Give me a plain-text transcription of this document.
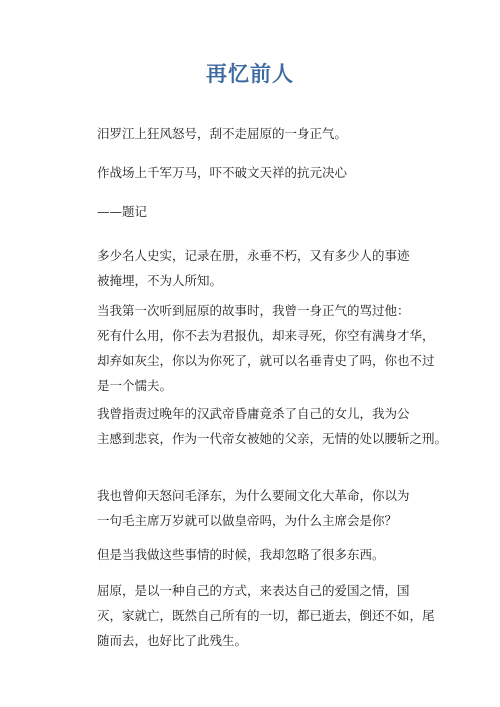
再忆前人

汨罗江上狂风怒号，刮不走屈原的一身正气。

作战场上千军万马，吓不破文天祥的抗元决心

——题记

多少名人史实，记录在册，永垂不朽，又有多少人的事迹
被掩埋，不为人所知。

当我第一次听到屈原的故事时，我曾一身正气的骂过他：
死有什么用，你不去为君报仇，却来寻死，你空有满身才华，
却弃如灰尘，你以为你死了，就可以名垂青史了吗，你也不过
是一个懦夫。

我曾指责过晚年的汉武帝昏庸竟杀了自己的女儿，我为公
主感到悲哀，作为一代帝女被她的父亲，无情的处以腰斩之刑。

我也曾仰天怒问毛泽东，为什么要闹文化大革命，你以为
一句毛主席万岁就可以做皇帝吗，为什么主席会是你？

但是当我做这些事情的时候，我却忽略了很多东西。

屈原，是以一种自己的方式，来表达自己的爱国之情，国
灭，家就亡，既然自己所有的一切，都已逝去，倒还不如，尾
随而去，也好比了此残生。
